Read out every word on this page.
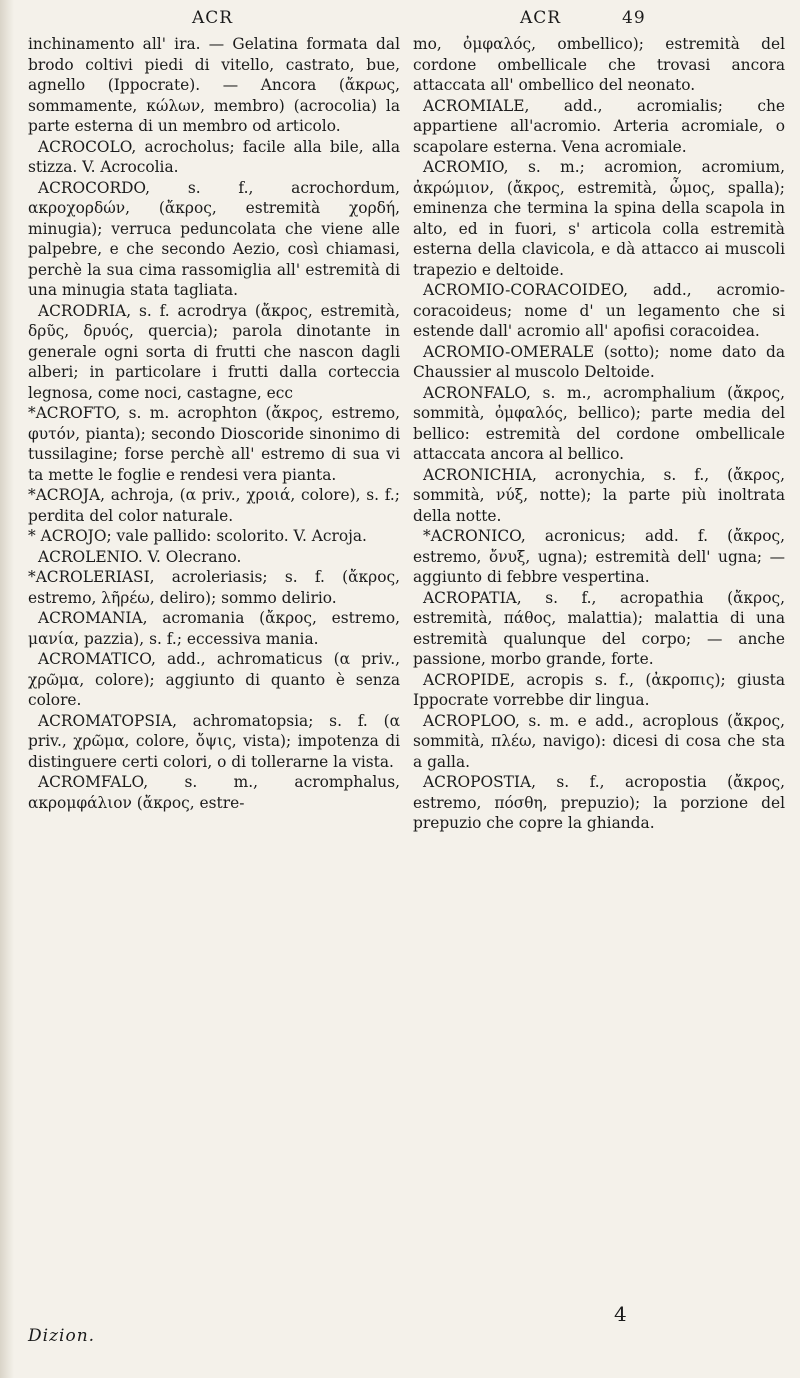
ACR	ACR	49

inchinamento all' ira. — Gelatina formata dal brodo coltivi piedi di vitello, castrato, bue, agnello (Ippocrate). — Ancora (ἄκρως, sommamente, κώλων, membro) (acrocolia) la parte esterna di un membro od articolo.

ACROCOLO, acrocholus; facile alla bile, alla stizza. V. Acrocolia.

ACROCORDO, s. f., acrochordum, ακροχορδών, (ἄκρος, estremità χορδή, minugia); verruca peduncolata che viene alle palpebre, e che secondo Aezio, così chiamasi, perchè la sua cima rassomiglia all' estremità di una minugia stata tagliata.

ACRODRIA, s. f. acrodrya (ἄκρος, estremità, δρῦς, δρυός, quercia); parola dinotante in generale ogni sorta di frutti che nascon dagli alberi; in particolare i frutti dalla corteccia legnosa, come noci, castagne, ecc

*ACROFTO, s. m. acrophton (ἄκρος, estremo, φυτόν, pianta); secondo Dioscoride sinonimo di tussilagine; forse perchè all' estremo di sua vi ta mette le foglie e rendesi vera pianta.

*ACROJA, achroja, (α priv., χροιά, colore), s. f.; perdita del color naturale.

* ACROJO; vale pallido: scolorito. V. Acroja.

ACROLENIO. V. Olecrano.

*ACROLERIASI, acroleriasis; s. f. (ἄκρος, estremo, λῆρέω, deliro); sommo delirio.

ACROMANIA, acromania (ἄκρος, estremo, μανία, pazzia), s. f.; eccessiva mania.

ACROMATICO, add., achromaticus (α priv., χρῶμα, colore); aggiunto di quanto è senza colore.

ACROMATOPSIA, achromatopsia; s. f. (α priv., χρῶμα, colore, ὄψις, vista); impotenza di distinguere certi colori, o di tollerarne la vista.

ACROMFALO, s. m., acromphalus, ακρομφάλιον (ἄκρος, estre-

mo, ὀμφαλός, ombellico); estremità del cordone ombellicale che trovasi ancora attaccata all' ombellico del neonato.

ACROMIALE, add., acromialis; che appartiene all'acromio. Arteria acromiale, o scapolare esterna. Vena acromiale.

ACROMIO, s. m.; acromion, acromium, ἀκρώμιον, (ἄκρος, estremità, ὦμος, spalla); eminenza che termina la spina della scapola in alto, ed in fuori, s' articola colla estremità esterna della clavicola, e dà attacco ai muscoli trapezio e deltoide.

ACROMIO-CORACOIDEO, add., acromio-coracoideus; nome d' un legamento che si estende dall' acromio all' apofisi coracoidea.

ACROMIO-OMERALE (sotto); nome dato da Chaussier al muscolo Deltoide.

ACRONFALO, s. m., acromphalium (ἄκρος, sommità, ὀμφαλός, bellico); parte media del bellico: estremità del cordone ombellicale attaccata ancora al bellico.

ACRONICHIA, acronychia, s. f., (ἄκρος, sommità, νύξ, notte); la parte più inoltrata della notte.

*ACRONICO, acronicus; add. f. (ἄκρος, estremo, ὄνυξ, ugna); estremità dell' ugna; — aggiunto di febbre vespertina.

ACROPATIA, s. f., acropathia (ἄκρος, estremità, πάθος, malattia); malattia di una estremità qualunque del corpo; — anche passione, morbo grande, forte.

ACROPIDE, acropis s. f., (ἀκροπις); giusta Ippocrate vorrebbe dir lingua.

ACROPLOO, s. m. e add., acroplous (ἄκρος, sommità, πλέω, navigo): dicesi di cosa che sta a galla.

ACROPOSTIA, s. f., acropostia (ἄκρος, estremo, πόσθη, prepuzio); la porzione del prepuzio che copre la ghianda.

Dizion.
4
